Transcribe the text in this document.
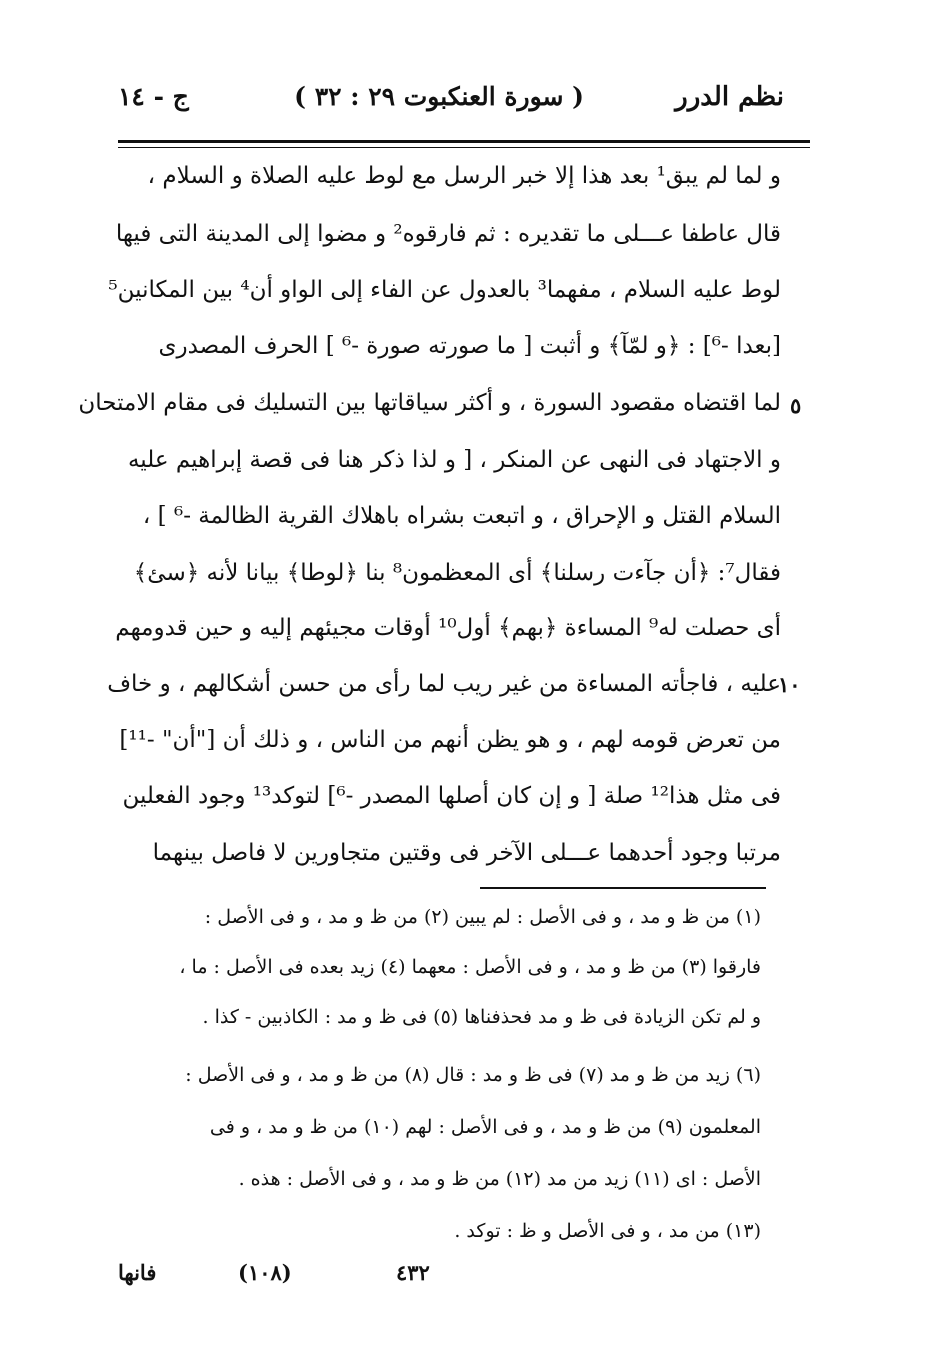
نظم الدرر
( سورة العنكبوت ٢٩ : ٣٢ )
ج - ١٤
و لما لم يبق¹ بعد هذا إلا خبر الرسل مع لوط عليه الصلاة و السلام ،
قال عاطفا عـــلى ما تقديره : ثم فارقوه² و مضوا إلى المدينة التى فيها
لوط عليه السلام ، مفهما³ بالعدول عن الفاء إلى الواو أن⁴ بين المكانين⁵
[بعدا -⁶] : ﴿و لمّآ﴾ و أثبت [ ما صورته صورة -⁶ ] الحرف المصدرى
لما اقتضاه مقصود السورة ، و أكثر سياقاتها بين التسليك فى مقام الامتحان
و الاجتهاد فى النهى عن المنكر ، [ و لذا ذكر هنا فى قصة إبراهيم عليه
السلام القتل و الإحراق ، و اتبعت بشراه باهلاك القرية الظالمة -⁶ ] ،
فقال⁷: ﴿أن جآءت رسلنا﴾ أى المعظمون⁸ بنا ﴿لوطا﴾ بيانا لأنه ﴿سئ﴾
أى حصلت له⁹ المساءة ﴿بهم﴾ أول¹⁰ أوقات مجيئهم إليه و حين قدومهم
عليه ، فاجأته المساءة من غير ريب لما رأى من حسن أشكالهم ، و خاف
من تعرض قومه لهم ، و هو يظن أنهم من الناس ، و ذلك أن ["أن" -¹¹]
فى مثل هذا¹² صلة [ و إن كان أصلها المصدر -⁶] لتوكد¹³ وجود الفعلين
مرتبا وجود أحدهما عـــلى الآخر فى وقتين متجاورين لا فاصل بينهما
٥
١٠
(١) من ظ و مد ، و فى الأصل : لم يبين (٢) من ظ و مد ، و فى الأصل :
فارقوا (٣) من ظ و مد ، و فى الأصل : معهما (٤) زيد بعده فى الأصل : ما ،
و لم تكن الزيادة فى ظ و مد فحذفناها (٥) فى ظ و مد : الكاذبين - كذا .
(٦) زيد من ظ و مد (٧) فى ظ و مد : قال (٨) من ظ و مد ، و فى الأصل :
المعلمون (٩) من ظ و مد ، و فى الأصل : لهم (١٠) من ظ و مد ، و فى
الأصل : اى (١١) زيد من مد (١٢) من ظ و مد ، و فى الأصل : هذه .
(١٣) من مد ، و فى الأصل و ظ : توكد .
فانها	(١٠٨)	٤٣٢
